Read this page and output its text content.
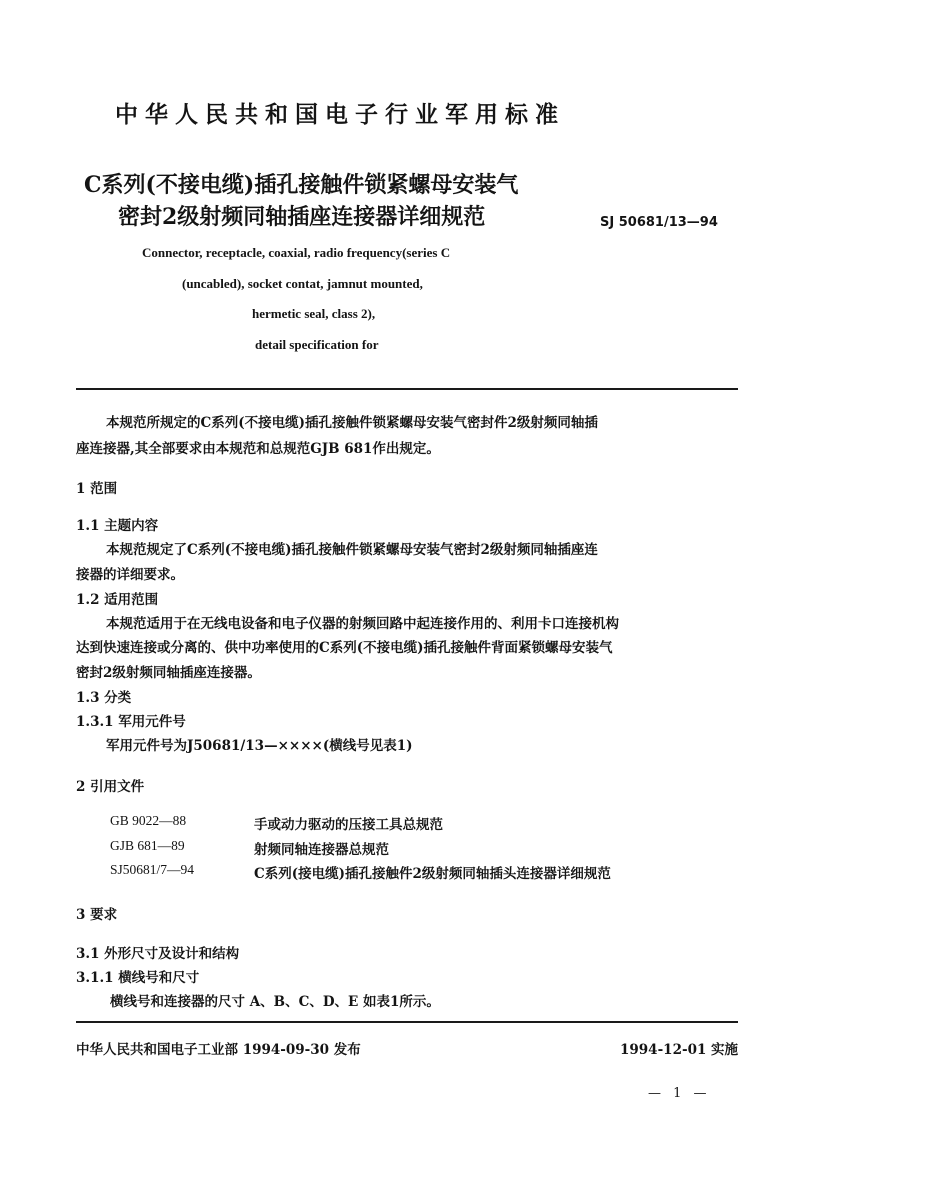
中华人民共和国电子行业军用标准
C系列(不接电缆)插孔接触件锁紧螺母安装气
密封2级射频同轴插座连接器详细规范	SJ 50681/13—94
Connector, receptacle, coaxial, radio frequency(series C
(uncabled), socket contat, jamnut mounted,
hermetic seal, class 2),
detail specification for
本规范所规定的C系列(不接电缆)插孔接触件锁紧螺母安装气密封件2级射频同轴插
座连接器,其全部要求由本规范和总规范GJB 681作出规定。
1 范围
1.1 主题内容
本规范规定了C系列(不接电缆)插孔接触件锁紧螺母安装气密封2级射频同轴插座连
接器的详细要求。
1.2 适用范围
本规范适用于在无线电设备和电子仪器的射频回路中起连接作用的、利用卡口连接机构
达到快速连接或分离的、供中功率使用的C系列(不接电缆)插孔接触件背面紧锁螺母安装气
密封2级射频同轴插座连接器。
1.3 分类
1.3.1 军用元件号
军用元件号为J50681/13—××××(横线号见表1)
2 引用文件
GB 9022—88	手或动力驱动的压接工具总规范
GJB 681—89	射频同轴连接器总规范
SJ50681/7—94	C系列(接电缆)插孔接触件2级射频同轴插头连接器详细规范
3 要求
3.1 外形尺寸及设计和结构
3.1.1 横线号和尺寸
横线号和连接器的尺寸 A、B、C、D、E 如表1所示。
中华人民共和国电子工业部 1994-09-30 发布	1994-12-01 实施
— 1 —
